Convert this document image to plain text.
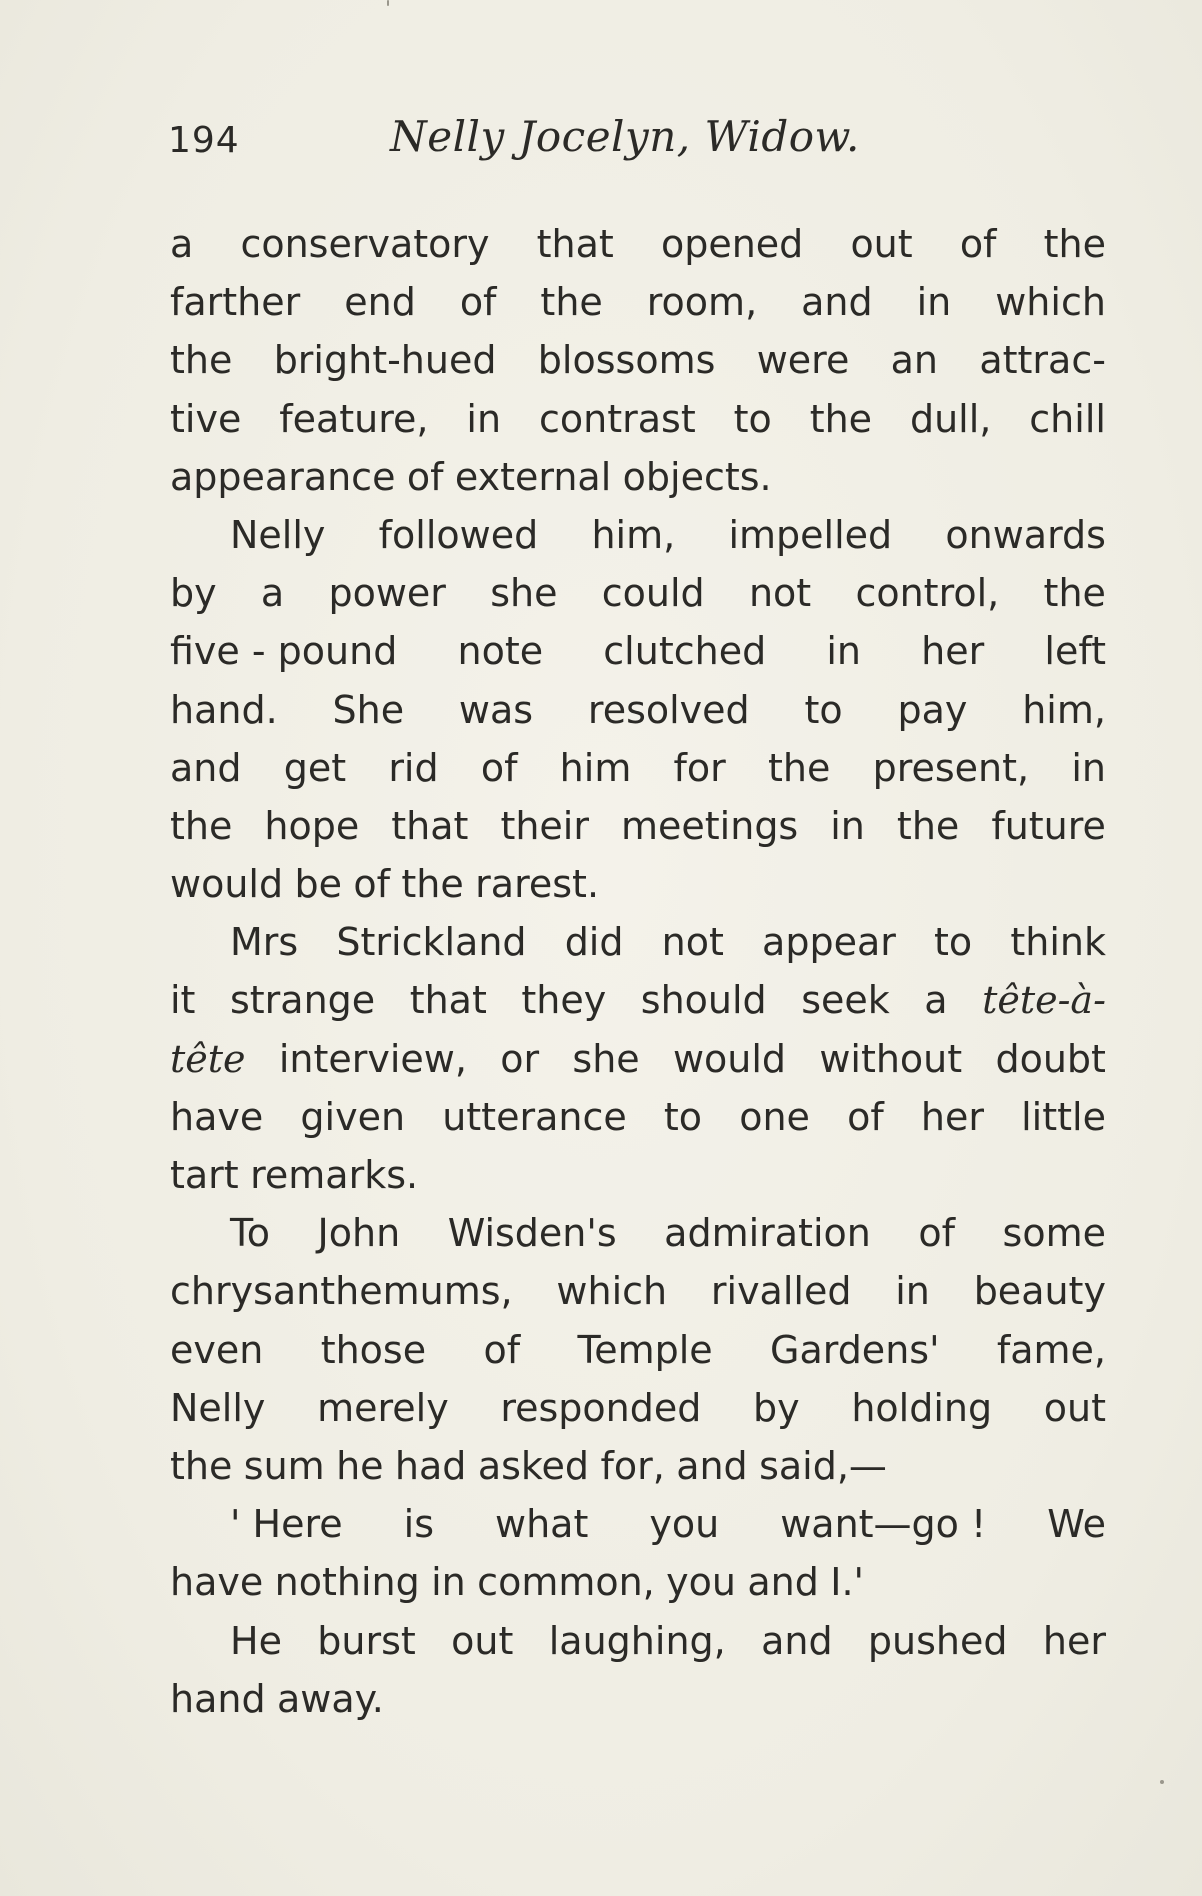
194	Nelly Jocelyn, Widow.
a conservatory that opened out of the
farther end of the room, and in which
the bright-hued blossoms were an attrac-
tive feature, in contrast to the dull, chill
appearance of external objects.
Nelly followed him, impelled onwards
by a power she could not control, the
five - pound note clutched in her left
hand. She was resolved to pay him,
and get rid of him for the present, in
the hope that their meetings in the future
would be of the rarest.
Mrs Strickland did not appear to think
it strange that they should seek a tête-à-
tête interview, or she would without doubt
have given utterance to one of her little
tart remarks.
To John Wisden's admiration of some
chrysanthemums, which rivalled in beauty
even those of Temple Gardens' fame,
Nelly merely responded by holding out
the sum he had asked for, and said,—
' Here is what you want—go ! We
have nothing in common, you and I.'
He burst out laughing, and pushed her
hand away.
